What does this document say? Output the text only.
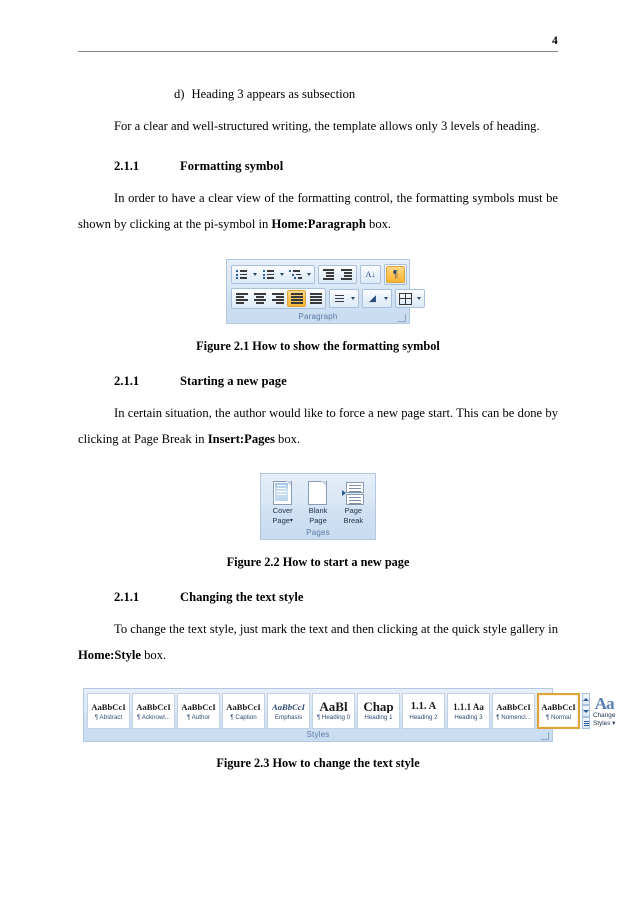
4

d) Heading 3 appears as subsection

For a clear and well-structured writing, the template allows only 3 levels of heading.

2.1.1	Formatting symbol

In order to have a clear view of the formatting control, the formatting symbols must be shown by clicking at the pi-symbol in Home:Paragraph box.

A↓ ¶
◢
Paragraph

Figure 2.1 How to show the formatting symbol

2.1.1	Starting a new page

In certain situation, the author would like to force a new page start. This can be done by clicking at Page Break in Insert:Pages box.

Cover
Page▾
Blank
Page
Page
Break
Pages

Figure 2.2 How to start a new page

2.1.1	Changing the text style

To change the text style, just mark the text and then clicking at the quick style gallery in Home:Style box.

AaBbCcI
¶ Abstract
AaBbCcI
¶ Acknowl...
AaBbCcI
¶ Author
AaBbCcI
¶ Caption
AaBbCcI
Emphasis
AaBl
¶ Heading 0
Chap
Heading 1
1.1. A
Heading 2
1.1.1 Aa
Heading 3
AaBbCcI
¶ Nomencl...
AaBbCcI
¶ Normal
Aa
Change
Styles ▾
Styles

Figure 2.3 How to change the text style
